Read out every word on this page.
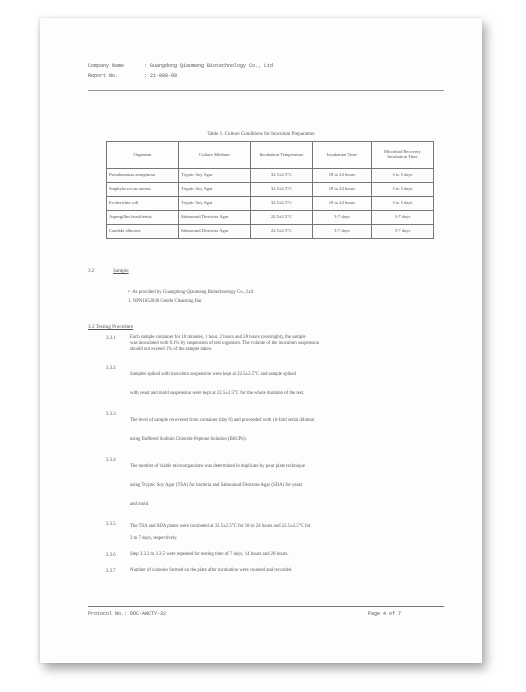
Company Name	: Guangdong Qiaomeng Biotechnology Co., Ltd
Report No.	: 21-008-08
Table 1. Culture Conditions for Inoculum Preparation
Organism	Culture Medium	Incubation Temperature	Incubation Time	Microbial Recovery Incubation Time
Pseudomonas aeruginosa	Tryptic Soy Agar	32.5±2.5°C	18 to 24 hours	3 to 5 days
Staphylococcus aureus	Tryptic Soy Agar	32.5±2.5°C	18 to 24 hours	3 to 5 days
Escherichia coli	Tryptic Soy Agar	32.5±2.5°C	18 to 24 hours	3 to 5 days
Aspergillus brasiliensis	Sabouraud Dextrose Agar	22.5±2.5°C	3-7 days	3-7 days
Candida albicans	Sabouraud Dextrose Agar	22.5±2.5°C	3-7 days	3-7 days
3.2	Sample
•  As provided by Guangdong Qiaomeng Biotechnology Co., Ltd
1. NPN1052030 Gentle Cleansing Bar
3.3 Testing Procedure
3.3.1	Each sample container for 10 minutes, 1 hour, 2 hours and 28 hours (overnight), the sample
was inoculated with 0.1% by suspension of test organism. The volume of the inoculum suspension
should not exceed 1% of the sample taken.
3.3.2
Samples spiked with inoculum suspension were kept at 22.5±2.5°C and sample spiked
with yeast and mold suspension were kept at 22.5±2.5°C for the whole duration of the test.
3.3.3
The level of sample recovered from container (day 0) and proceeded with 10-fold serial dilution
using Buffered Sodium Chloride Peptone Solution (BSCPS).
3.3.4
The number of viable microorganisms was determined in duplicate by pour plate technique
using Tryptic Soy Agar (TSA) for bacteria and Sabouraud Dextrose Agar (SDA) for yeast
and mold.
3.3.5	The TSA and SDA plates were incubated at 32.5±2.5°C for 18 to 24 hours and 22.5±2.5°C for
3 to 7 days, respectively.
3.3.6	Step 3.3.3 to 3.3.5 were repeated for testing time of 7 days, 14 hours and 28 hours.
3.3.7	Number of colonies formed on the plate after incubation were counted and recorded.
Protocol No.: DOC-ANCTY-32	Page 4 of 7
